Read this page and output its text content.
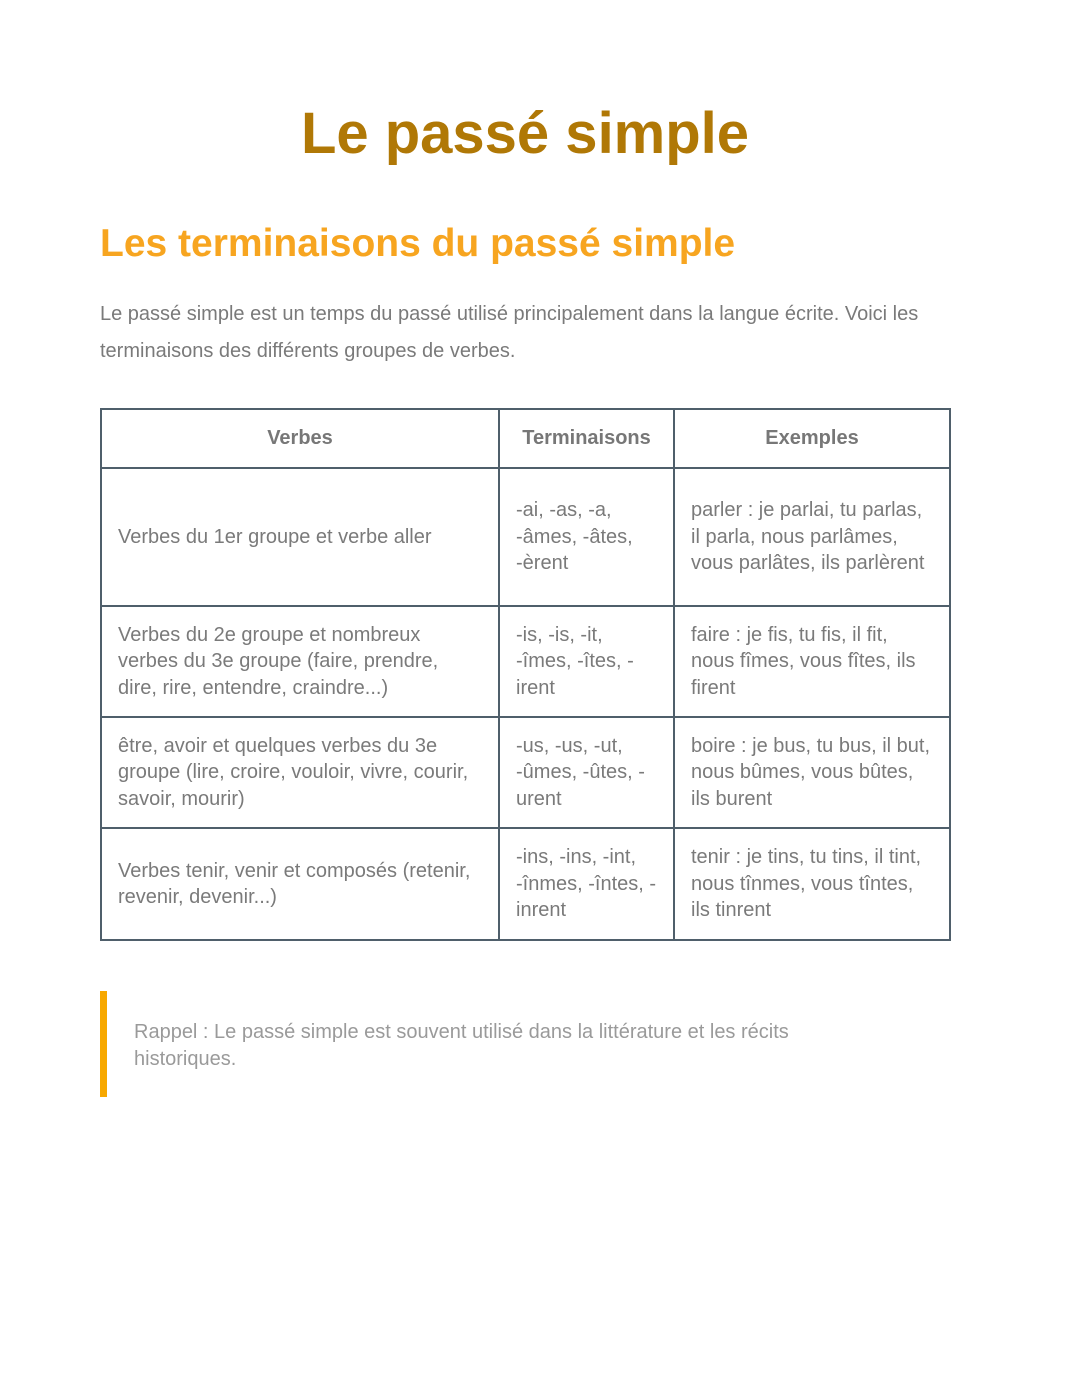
Le passé simple
Les terminaisons du passé simple

Le passé simple est un temps du passé utilisé principalement dans la langue écrite. Voici les terminaisons des différents groupes de verbes.

Verbes	Terminaisons	Exemples
Verbes du 1er groupe et verbe aller	-ai, -as, -a, -âmes, -âtes, -èrent	parler : je parlai, tu parlas, il parla, nous parlâmes, vous parlâtes, ils parlèrent
Verbes du 2e groupe et nombreux verbes du 3e groupe (faire, prendre, dire, rire, entendre, craindre...)	-is, -is, -it, -îmes, -îtes, -irent	faire : je fis, tu fis, il fit, nous fîmes, vous fîtes, ils firent
être, avoir et quelques verbes du 3e groupe (lire, croire, vouloir, vivre, courir, savoir, mourir)	-us, -us, -ut, -ûmes, -ûtes, -urent	boire : je bus, tu bus, il but, nous bûmes, vous bûtes, ils burent
Verbes tenir, venir et composés (retenir, revenir, devenir...)	-ins, -ins, -int, -înmes, -întes, -inrent	tenir : je tins, tu tins, il tint, nous tînmes, vous tîntes, ils tinrent

Rappel : Le passé simple est souvent utilisé dans la littérature et les récits historiques.
